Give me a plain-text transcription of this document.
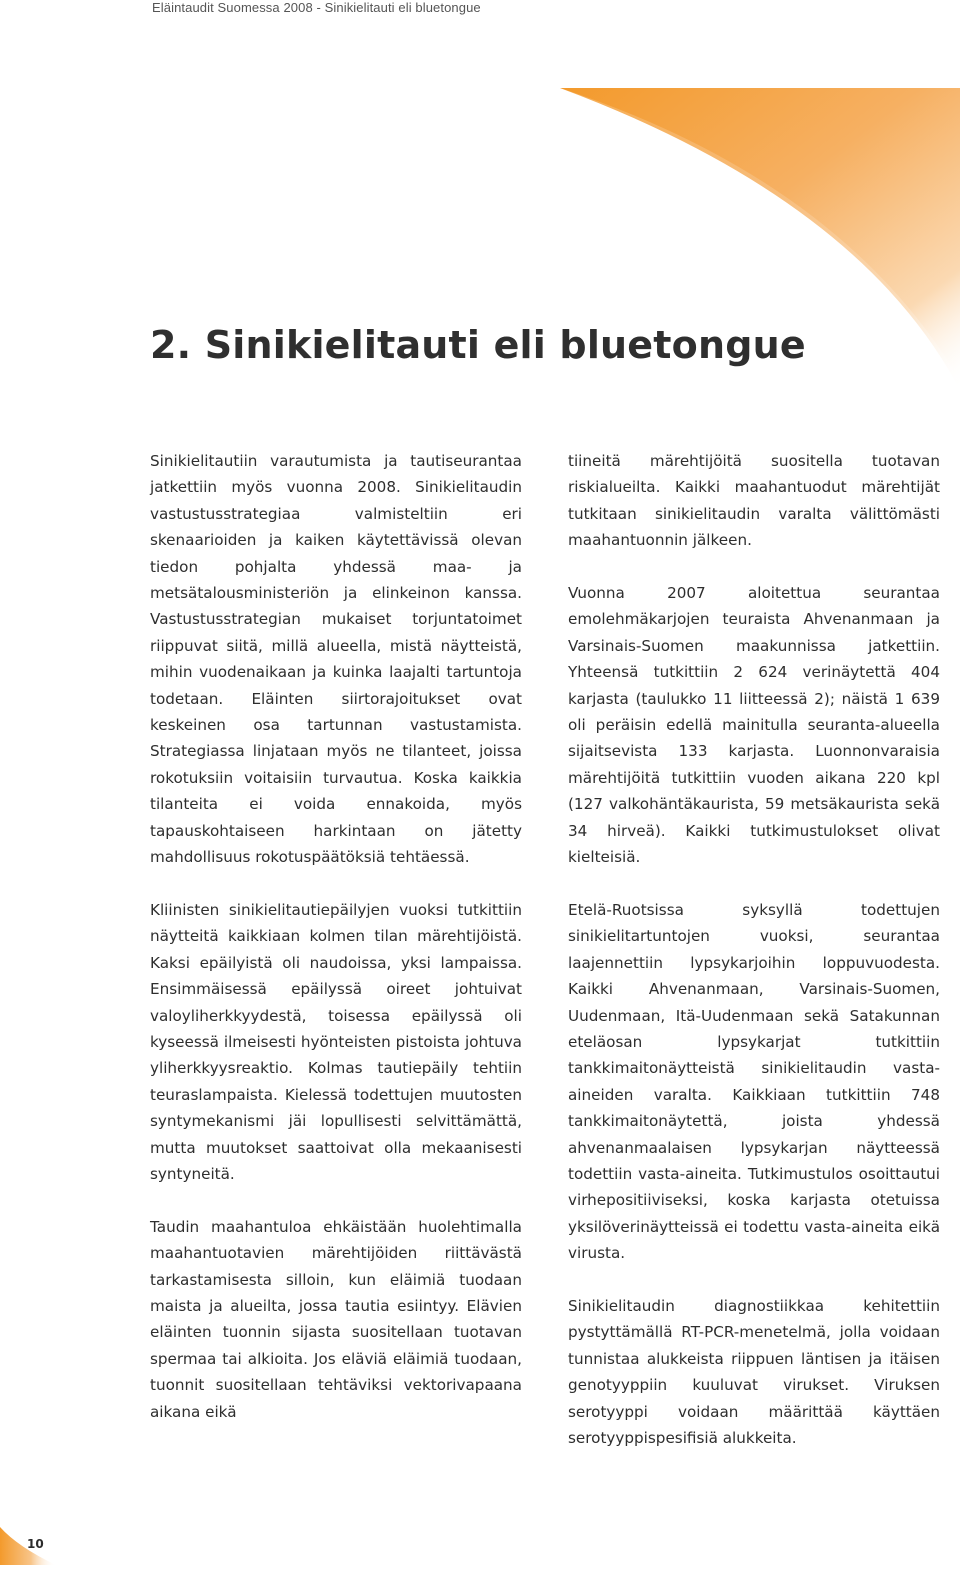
Eläintaudit Suomessa 2008 - Sinikielitauti eli bluetongue
2. Sinikielitauti eli bluetongue

Sinikielitautiin varautumista ja tautiseurantaa jatkettiin myös vuonna 2008. Sinikielitaudin vastustusstrategiaa valmisteltiin eri skenaarioiden ja kaiken käytettävissä olevan tiedon pohjalta yhdessä maa- ja metsätalousministeriön ja elinkeinon kanssa. Vastustusstrategian mukaiset torjuntatoimet riippuvat siitä, millä alueella, mistä näytteistä, mihin vuodenaikaan ja kuinka laajalti tartuntoja todetaan. Eläinten siirtorajoitukset ovat keskeinen osa tartunnan vastustamista. Strategiassa linjataan myös ne tilanteet, joissa rokotuksiin voitaisiin turvautua. Koska kaikkia tilanteita ei voida ennakoida, myös tapauskohtaiseen harkintaan on jätetty mahdollisuus rokotuspäätöksiä tehtäessä.

Kliinisten sinikielitautiepäilyjen vuoksi tutkittiin näytteitä kaikkiaan kolmen tilan märehtijöistä. Kaksi epäilyistä oli naudoissa, yksi lampaissa. Ensimmäisessä epäilyssä oireet johtuivat valoyliherkkyydestä, toisessa epäilyssä oli kyseessä ilmeisesti hyönteisten pistoista johtuva yliherkkyysreaktio. Kolmas tautiepäily tehtiin teuraslampaista. Kielessä todettujen muutosten syntymekanismi jäi lopullisesti selvittämättä, mutta muutokset saattoivat olla mekaanisesti syntyneitä.

Taudin maahantuloa ehkäistään huolehtimalla maahantuotavien märehtijöiden riittävästä tarkastamisesta silloin, kun eläimiä tuodaan maista ja alueilta, jossa tautia esiintyy. Elävien eläinten tuonnin sijasta suositellaan tuotavan spermaa tai alkioita. Jos eläviä eläimiä tuodaan, tuonnit suositellaan tehtäviksi vektorivapaana aikana eikä

tiineitä märehtijöitä suositella tuotavan riskialueilta. Kaikki maahantuodut märehtijät tutkitaan sinikielitaudin varalta välittömästi maahantuonnin jälkeen.

Vuonna 2007 aloitettua seurantaa emolehmäkarjojen teuraista Ahvenanmaan ja Varsinais-Suomen maakunnissa jatkettiin. Yhteensä tutkittiin 2 624 verinäytettä 404 karjasta (taulukko 11 liitteessä 2); näistä 1 639 oli peräisin edellä mainitulla seuranta-alueella sijaitsevista 133 karjasta. Luonnonvaraisia märehtijöitä tutkittiin vuoden aikana 220 kpl (127 valkohäntäkaurista, 59 metsäkaurista sekä 34 hirveä). Kaikki tutkimustulokset olivat kielteisiä.

Etelä-Ruotsissa syksyllä todettujen sinikielitartuntojen vuoksi, seurantaa laajennettiin lypsykarjoihin loppuvuodesta. Kaikki Ahvenanmaan, Varsinais-Suomen, Uudenmaan, Itä-Uudenmaan sekä Satakunnan eteläosan lypsykarjat tutkittiin tankkimaitonäytteistä sinikielitaudin vasta-aineiden varalta. Kaikkiaan tutkittiin 748 tankkimaitonäytettä, joista yhdessä ahvenanmaalaisen lypsykarjan näytteessä todettiin vasta-aineita. Tutkimustulos osoittautui virhepositiiviseksi, koska karjasta otetuissa yksilöverinäytteissä ei todettu vasta-aineita eikä virusta.

Sinikielitaudin diagnostiikkaa kehitettiin pystyttämällä RT-PCR-menetelmä, jolla voidaan tunnistaa alukkeista riippuen läntisen ja itäisen genotyyppiin kuuluvat virukset. Viruksen serotyyppi voidaan määrittää käyttäen serotyyppispesifisiä alukkeita.

10
